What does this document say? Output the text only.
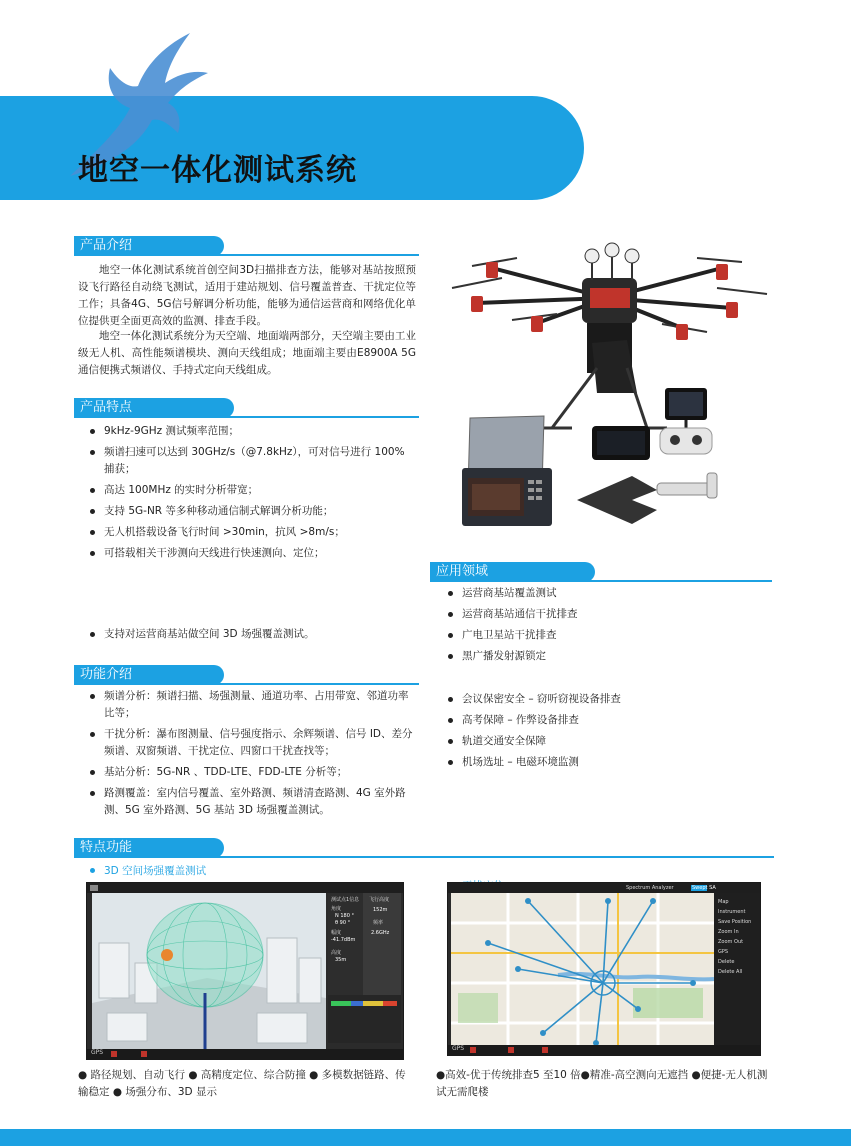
地空一体化测试系统
产品介绍
地空一体化测试系统首创空间3D扫描排查方法，能够对基站按照预设飞行路径自动绕飞测试，适用于建站规划、信号覆盖普查、干扰定位等工作；具备4G、5G信号解调分析功能，能够为通信运营商和网络优化单位提供更全面更高效的监测、排查手段。
地空一体化测试系统分为天空端、地面端两部分，天空端主要由工业级无人机、高性能频谱模块、测向天线组成；地面端主要由E8900A 5G通信便携式频谱仪、手持式定向天线组成。
产品特点
9kHz-9GHz 测试频率范围；
频谱扫速可以达到 30GHz/s（@7.8kHz），可对信号进行 100% 捕获；
高达 100MHz 的实时分析带宽；
支持 5G-NR 等多种移动通信制式解调分析功能；
无人机搭载设备飞行时间 >30min，抗风 >8m/s；
可搭载相关干涉测向天线进行快速测向、定位；
支持对运营商基站做空间 3D 场强覆盖测试。
应用领域
运营商基站覆盖测试
运营商基站通信干扰排查
广电卫星站干扰排查
黑广播发射源锁定
会议保密安全 – 窃听窃视设备排查
高考保障 – 作弊设备排查
轨道交通安全保障
机场选址 – 电磁环境监测
功能介绍
频谱分析：频谱扫描、场强测量、通道功率、占用带宽、邻道功率比等；
干扰分析：瀑布图测量、信号强度指示、余辉频谱、信号 ID、差分频谱、双窗频谱、干扰定位、四窗口干扰查找等；
基站分析：5G-NR 、TDD-LTE、FDD-LTE 分析等；
路测覆盖：室内信号覆盖、室外路测、频谱清查路测、4G 室外路测、5G 室外路测、5G 基站 3D 场强覆盖测试。
特点功能
3D 空间场强覆盖测试
测试点1信息 飞行高度
152m
角度
N 180 °
θ 90 °	频率
2.6GHz
幅度
-41.7dBm
高度
35m
GPS
Spectrum Analyzer	Swept SA
Map
Instrument
Save Position
Zoom In
Zoom Out
GPS
Delete
Delete All
GPS
● 路径规划、自动飞行 ● 高精度定位、综合防撞 ● 多模数据链路、传输稳定 ● 场强分布、3D 显示
●高效-优于传统排查5 至10 倍●精准-高空测向无遮挡 ●便捷-无人机测试无需爬楼
